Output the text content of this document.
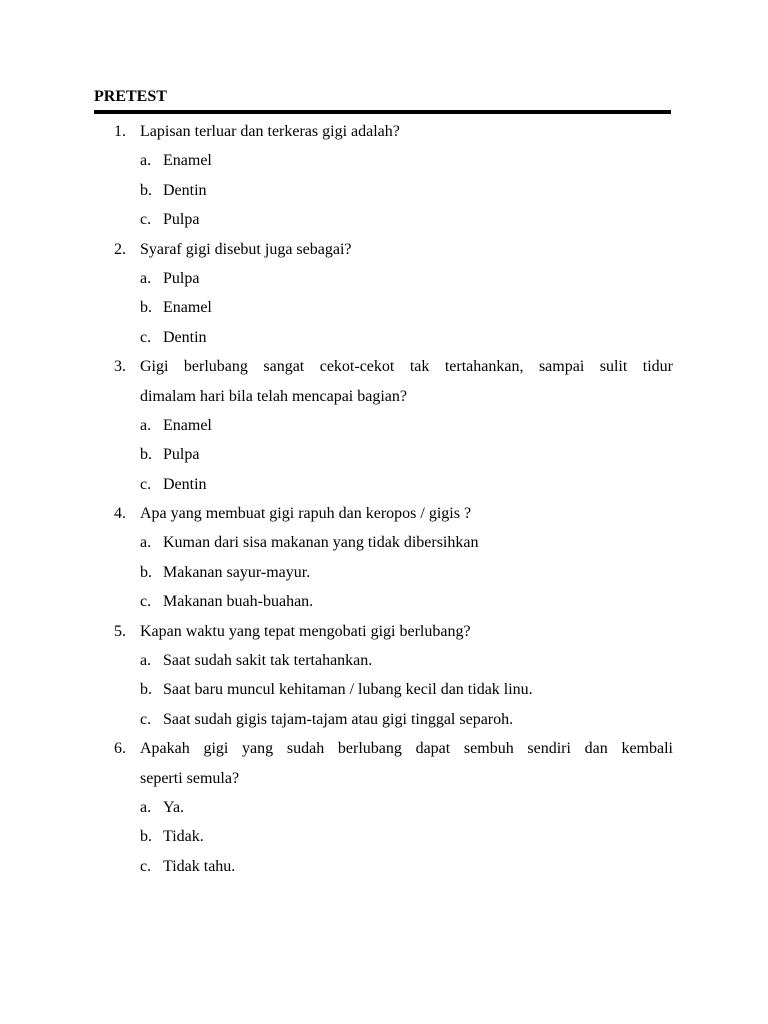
PRETEST
1. Lapisan terluar dan terkeras gigi adalah?
a. Enamel
b. Dentin
c. Pulpa
2. Syaraf gigi disebut juga sebagai?
a. Pulpa
b. Enamel
c. Dentin
3. Gigi berlubang sangat cekot-cekot tak tertahankan, sampai sulit tidur
dimalam hari bila telah mencapai bagian?
a. Enamel
b. Pulpa
c. Dentin
4. Apa yang membuat gigi rapuh dan keropos / gigis ?
a. Kuman dari sisa makanan yang tidak dibersihkan
b. Makanan sayur-mayur.
c. Makanan buah-buahan.
5. Kapan waktu yang tepat mengobati gigi berlubang?
a. Saat sudah sakit tak tertahankan.
b. Saat baru muncul kehitaman / lubang kecil dan tidak linu.
c. Saat sudah gigis tajam-tajam atau gigi tinggal separoh.
6. Apakah gigi yang sudah berlubang dapat sembuh sendiri dan kembali
seperti semula?
a. Ya.
b. Tidak.
c. Tidak tahu.
